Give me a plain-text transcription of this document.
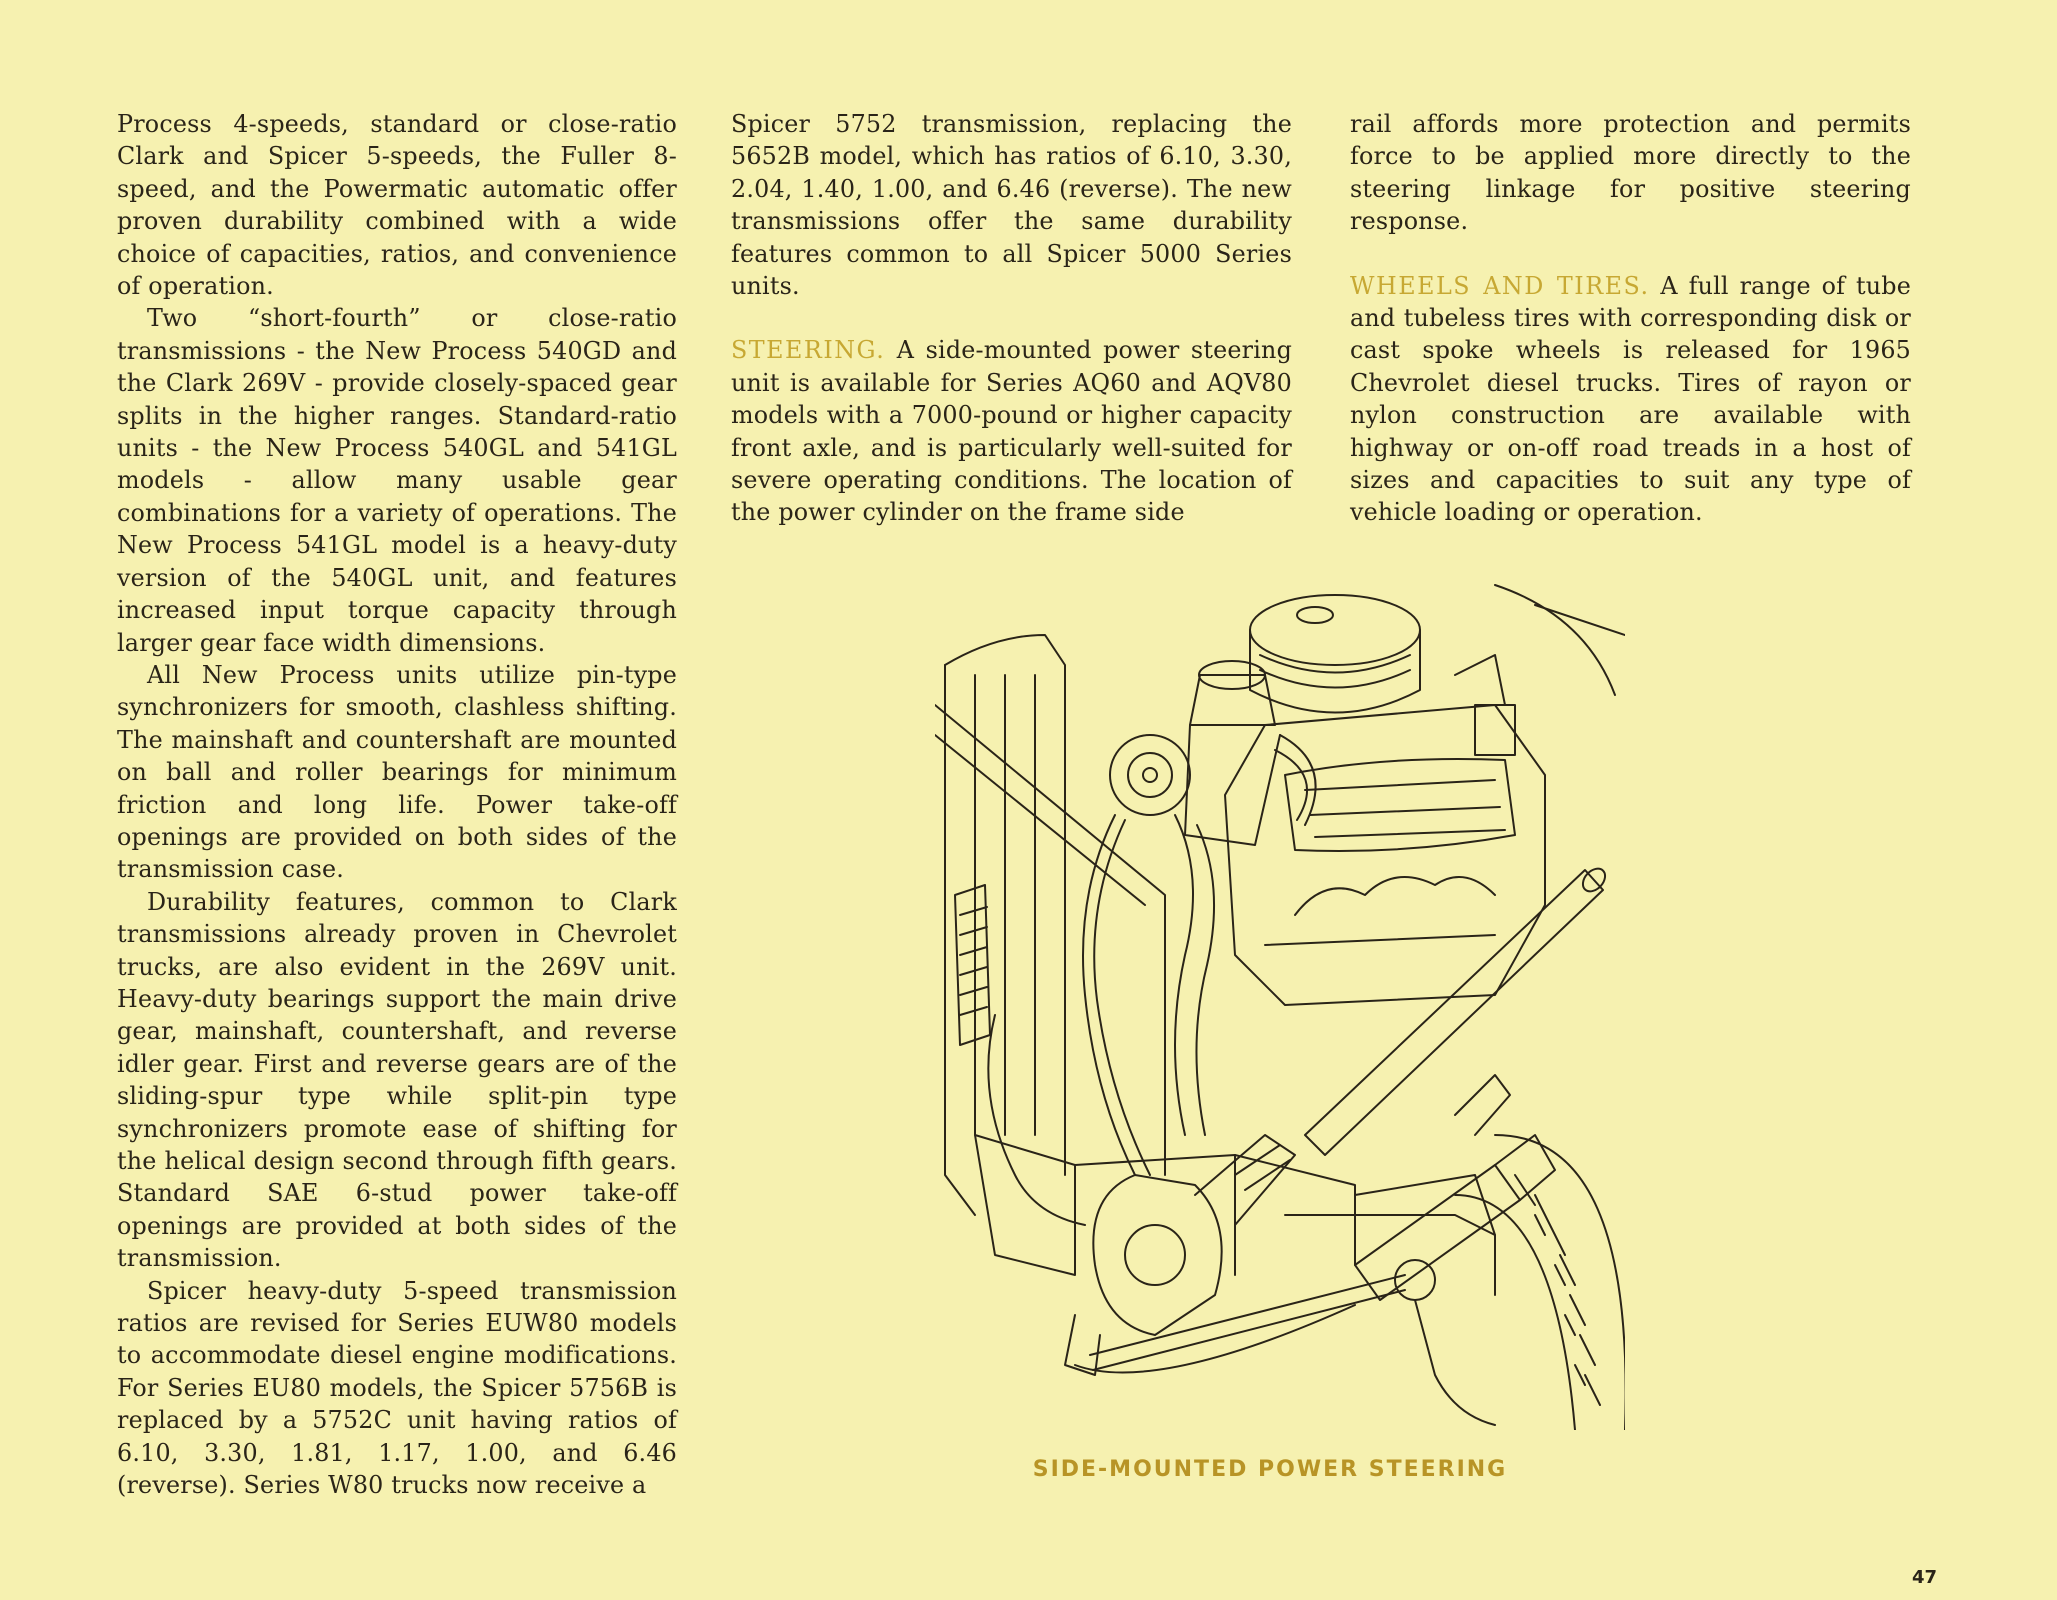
Process 4-speeds, standard or close-ratio Clark and Spicer 5-speeds, the Fuller 8-speed, and the Powermatic automatic offer proven durability combined with a wide choice of capacities, ratios, and convenience of operation.

Two “short-fourth” or close-ratio transmissions - the New Process 540GD and the Clark 269V - provide closely-spaced gear splits in the higher ranges. Standard-ratio units - the New Process 540GL and 541GL models - allow many usable gear combinations for a variety of operations. The New Process 541GL model is a heavy-duty version of the 540GL unit, and features increased input torque capacity through larger gear face width dimensions.

All New Process units utilize pin-type synchronizers for smooth, clashless shifting. The mainshaft and countershaft are mounted on ball and roller bearings for minimum friction and long life. Power take-off openings are provided on both sides of the transmission case.

Durability features, common to Clark transmissions already proven in Chevrolet trucks, are also evident in the 269V unit. Heavy-duty bearings support the main drive gear, mainshaft, countershaft, and reverse idler gear. First and reverse gears are of the sliding-spur type while split-pin type synchronizers promote ease of shifting for the helical design second through fifth gears. Standard SAE 6-stud power take-off openings are provided at both sides of the transmission.

Spicer heavy-duty 5-speed transmission ratios are revised for Series EUW80 models to accommodate diesel engine modifications. For Series EU80 models, the Spicer 5756B is replaced by a 5752C unit having ratios of 6.10, 3.30, 1.81, 1.17, 1.00, and 6.46 (reverse). Series W80 trucks now receive a

Spicer 5752 transmission, replacing the 5652B model, which has ratios of 6.10, 3.30, 2.04, 1.40, 1.00, and 6.46 (reverse). The new transmissions offer the same durability features common to all Spicer 5000 Series units.

STEERING. A side-mounted power steering unit is available for Series AQ60 and AQV80 models with a 7000-pound or higher capacity front axle, and is particularly well-suited for severe operating conditions. The location of the power cylinder on the frame side

rail affords more protection and permits force to be applied more directly to the steering linkage for positive steering response.

WHEELS AND TIRES. A full range of tube and tubeless tires with corresponding disk or cast spoke wheels is released for 1965 Chevrolet diesel trucks. Tires of rayon or nylon construction are available with highway or on-off road treads in a host of sizes and capacities to suit any type of vehicle loading or operation.

SIDE-MOUNTED POWER STEERING
47
